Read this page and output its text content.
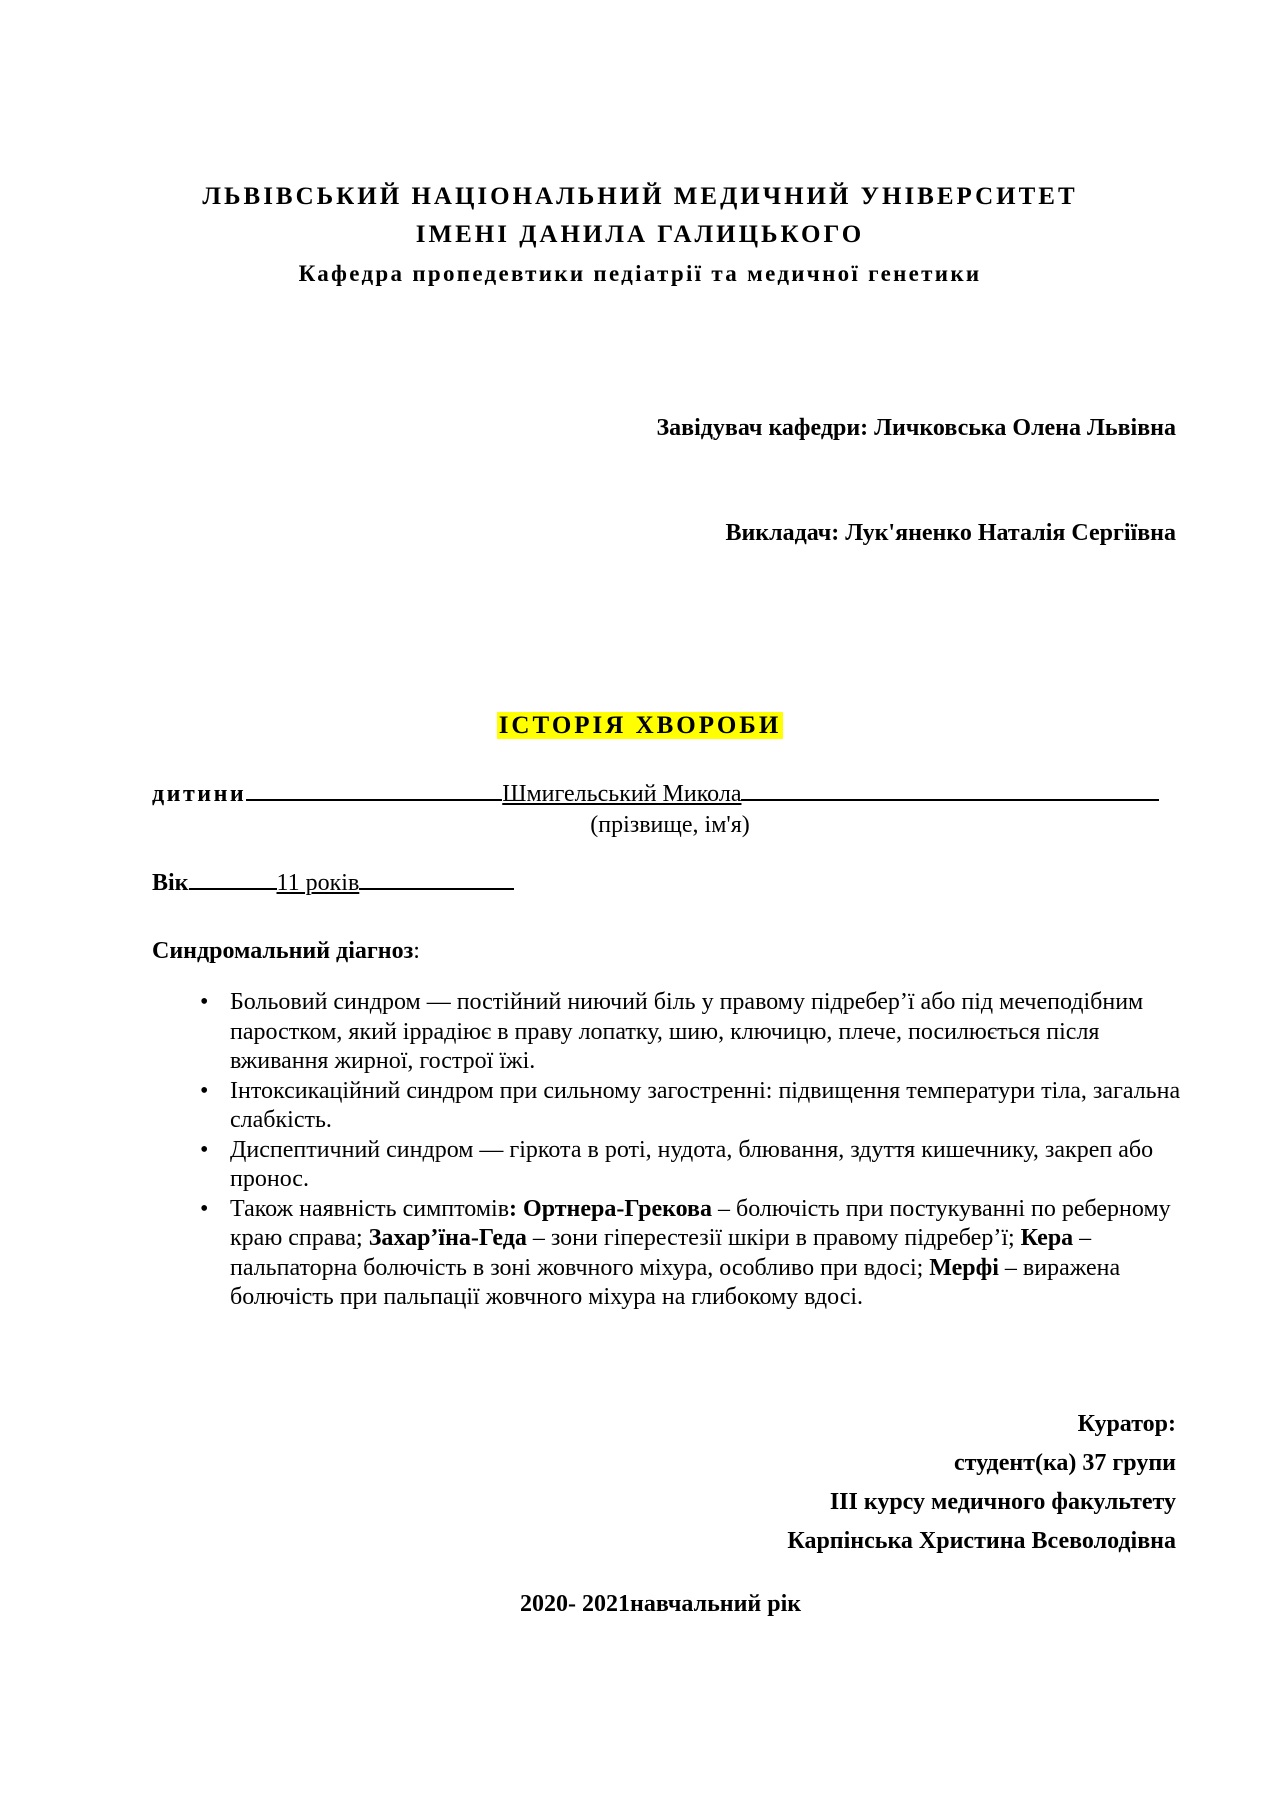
ЛЬВІВСЬКИЙ НАЦІОНАЛЬНИЙ МЕДИЧНИЙ УНІВЕРСИТЕТ
ІМЕНІ ДАНИЛА ГАЛИЦЬКОГО
Кафедра пропедевтики педіатрії та медичної генетики
Завідувач кафедри: Личковська Олена Львівна
Викладач: Лук'яненко Наталія Сергіївна
ІСТОРІЯ ХВОРОБИ
дитини	Шмигельський Микола
(прізвище, ім'я)
Вік	11 років
Синдромальний діагноз:
• Больовий синдром — постійний ниючий біль у правому підребер’ї або під мечеподібним паростком, який іррадіює в праву лопатку, шию, ключицю, плече, посилюється після вживання жирної, гострої їжі.
• Інтоксикаційний синдром при сильному загостренні: підвищення температури тіла, загальна слабкість.
• Диспептичний синдром — гіркота в роті, нудота, блювання, здуття кишечнику, закреп або пронос.
• Також наявність симптомів: Ортнера-Грекова – болючість при постукуванні по реберному краю справа; Захар’їна-Геда – зони гіперестезії шкіри в правому підребер’ї; Кера – пальпаторна болючість в зоні жовчного міхура, особливо при вдосі; Мерфі – виражена болючість при пальпації жовчного міхура на глибокому вдосі.
Куратор:
студент(ка) 37 групи
ІІІ курсу медичного факультету
Карпінська Христина Всеволодівна
2020- 2021навчальний рік
